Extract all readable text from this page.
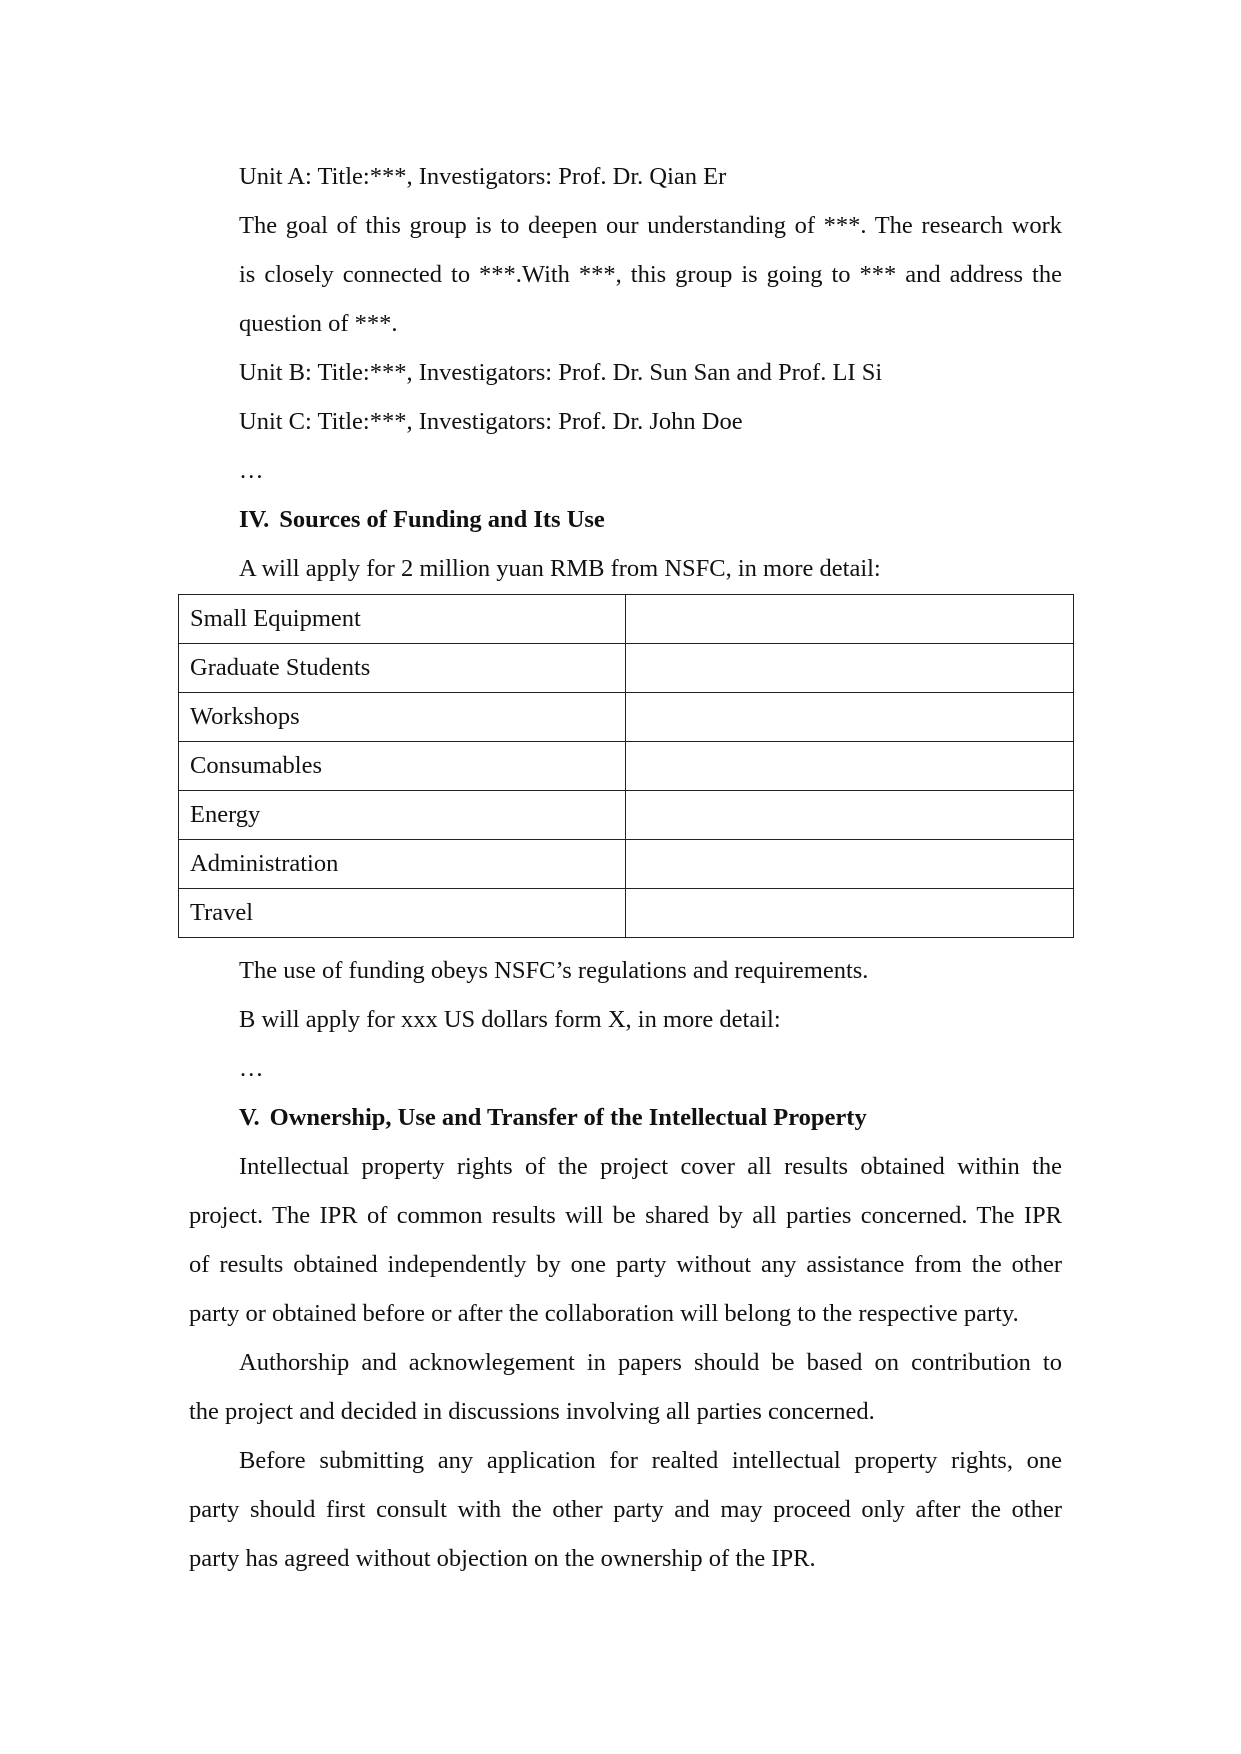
Unit A: Title:***, Investigators: Prof. Dr. Qian Er
The goal of this group is to deepen our understanding of ***. The research work
is closely connected to ***.With ***, this group is going to *** and address the
question of ***.
Unit B: Title:***, Investigators: Prof. Dr. Sun San and Prof. LI Si
Unit C: Title:***, Investigators: Prof. Dr. John Doe
…
IV. Sources of Funding and Its Use
A will apply for 2 million yuan RMB from NSFC, in more detail:
Small Equipment	
Graduate Students	
Workshops	
Consumables	
Energy	
Administration	
Travel	
The use of funding obeys NSFC’s regulations and requirements.
B will apply for xxx US dollars form X, in more detail:
…
V. Ownership, Use and Transfer of the Intellectual Property
Intellectual property rights of the project cover all results obtained within the
project. The IPR of common results will be shared by all parties concerned. The IPR
of results obtained independently by one party without any assistance from the other
party or obtained before or after the collaboration will belong to the respective party.
Authorship and acknowlegement in papers should be based on contribution to
the project and decided in discussions involving all parties concerned.
Before submitting any application for realted intellectual property rights, one
party should first consult with the other party and may proceed only after the other
party has agreed without objection on the ownership of the IPR.
